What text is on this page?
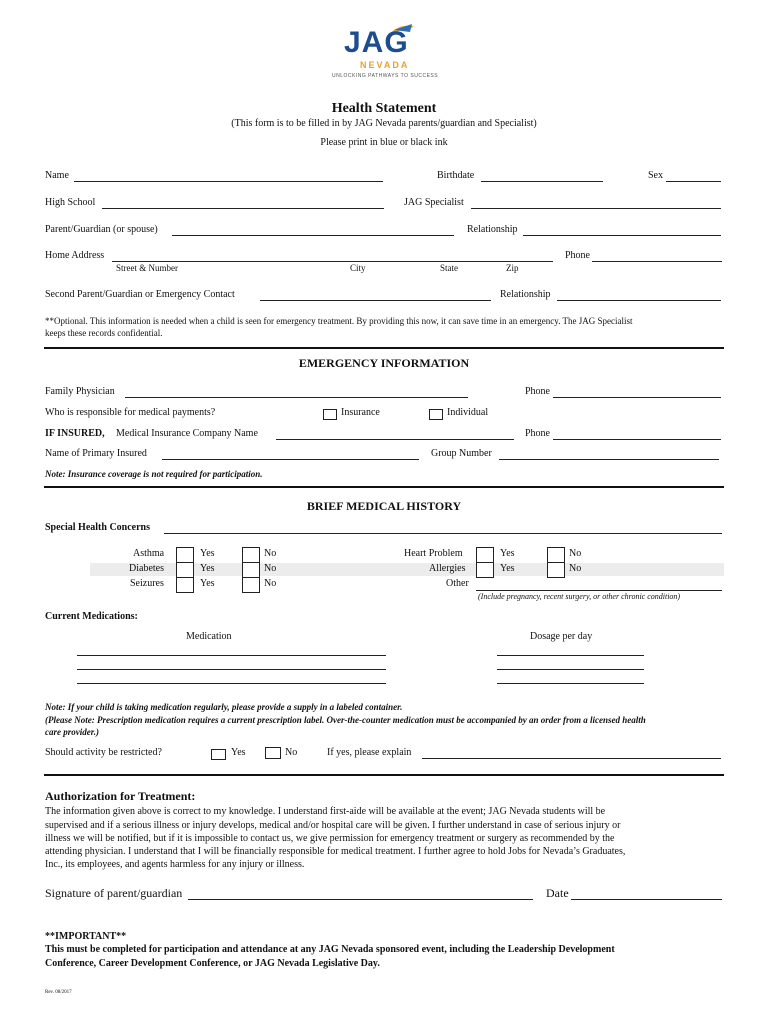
JAG
NEVADA
UNLOCKING PATHWAYS TO SUCCESS
Health Statement
(This form is to be filled in by JAG Nevada parents/guardian and Specialist)
Please print in blue or black ink
Name	Birthdate	Sex
High School	JAG Specialist
Parent/Guardian (or spouse)	Relationship
Home Address	Phone
Street & Number	City	State	Zip
Second Parent/Guardian or Emergency Contact	Relationship
**Optional. This information is needed when a child is seen for emergency treatment. By providing this now, it can save time in an emergency. The JAG Specialist
keeps these records confidential.
EMERGENCY INFORMATION
Family Physician	Phone
Who is responsible for medical payments?	Insurance	Individual
IF INSURED, Medical Insurance Company Name	Phone
Name of Primary Insured	Group Number
Note: Insurance coverage is not required for participation.
BRIEF MEDICAL HISTORY
Special Health Concerns
Asthma	Yes	No
Diabetes	Yes	No
Seizures	Yes	No
Heart Problem	Yes	No
Allergies	Yes	No
Other
(Include pregnancy, recent surgery, or other chronic condition)
Current Medications:
Medication	Dosage per day
Note: If your child is taking medication regularly, please provide a supply in a labeled container.
(Please Note: Prescription medication requires a current prescription label. Over-the-counter medication must be accompanied by an order from a licensed health
care provider.)
Should activity be restricted?	Yes	No	If yes, please explain
Authorization for Treatment:
The information given above is correct to my knowledge. I understand first-aide will be available at the event; JAG Nevada students will be
supervised and if a serious illness or injury develops, medical and/or hospital care will be given. I further understand in case of serious injury or
illness we will be notified, but if it is impossible to contact us, we give permission for emergency treatment or surgery as recommended by the
attending physician. I understand that I will be financially responsible for medical treatment. I further agree to hold Jobs for Nevada’s Graduates,
Inc., its employees, and agents harmless for any injury or illness.
Signature of parent/guardian	Date
**IMPORTANT**
This must be completed for participation and attendance at any JAG Nevada sponsored event, including the Leadership Development
Conference, Career Development Conference, or JAG Nevada Legislative Day.
Rev. 08/2017
